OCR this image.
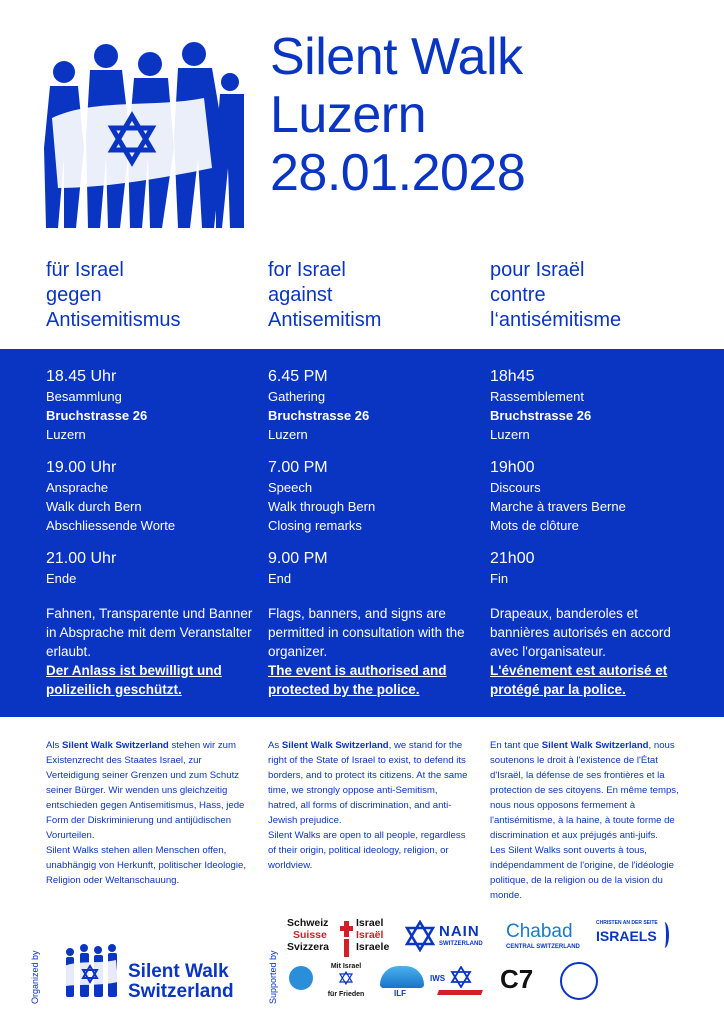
Silent Walk
Luzern
28.01.2028
für Israel
gegen
Antisemitismus
for Israel
against
Antisemitism
pour Israël
contre
l‘antisémitisme

18.45 Uhr

Besammlung
Bruchstrasse 26
Luzern

19.00 Uhr

Ansprache
Walk durch Bern
Abschliessende Worte

21.00 Uhr

Ende
Fahnen, Transparente und Banner in Absprache mit dem Veranstalter erlaubt.
Der Anlass ist bewilligt und polizeilich geschützt.

6.45 PM

Gathering
Bruchstrasse 26
Luzern

7.00 PM

Speech
Walk through Bern
Closing remarks

9.00 PM

End
Flags, banners, and signs are permitted in consultation with the organizer.
The event is authorised and protected by the police.

18h45

Rassemblement
Bruchstrasse 26
Luzern

19h00

Discours
Marche à travers Berne
Mots de clôture

21h00

Fin
Drapeaux, banderoles et bannières autorisés en accord avec l'organisateur.
L'événement est autorisé et protégé par la police.
Als Silent Walk Switzerland stehen wir zum Existenzrecht des Staates Israel, zur Verteidigung seiner Grenzen und zum Schutz seiner Bürger. Wir wenden uns gleichzeitig entschieden gegen Antisemitismus, Hass, jede Form der Diskriminierung und antijüdischen Vorurteilen.
Silent Walks stehen allen Menschen offen, unabhängig von Herkunft, politischer Ideologie, Religion oder Weltanschauung.
As Silent Walk Switzerland, we stand for the right of the State of Israel to exist, to defend its borders, and to protect its citizens. At the same time, we strongly oppose anti-Semitism, hatred, all forms of discrimination, and anti-Jewish prejudice.
Silent Walks are open to all people, regardless of their origin, political ideology, religion, or worldview.
En tant que Silent Walk Switzerland, nous soutenons le droit à l'existence de l'État d'Israël, la défense de ses frontières et la protection de ses citoyens. En même temps, nous nous opposons fermement à l'antisémitisme, à la haine, à toute forme de discrimination et aux préjugés anti-juifs.
Les Silent Walks sont ouverts à tous, indépendamment de l'origine, de l'idéologie politique, de la religion ou de la vision du monde.
Organized by	Silent Walk
Switzerland	Supported by
Schweiz
Suisse
Svizzera
Israel
Israël
Israele
NAIN
SWITZERLAND
Chabad
CENTRAL SWITZERLAND
CHRISTEN AN DER SEITE
ISRAELS
Mit Israel
für Frieden	ILF
IWS C7
